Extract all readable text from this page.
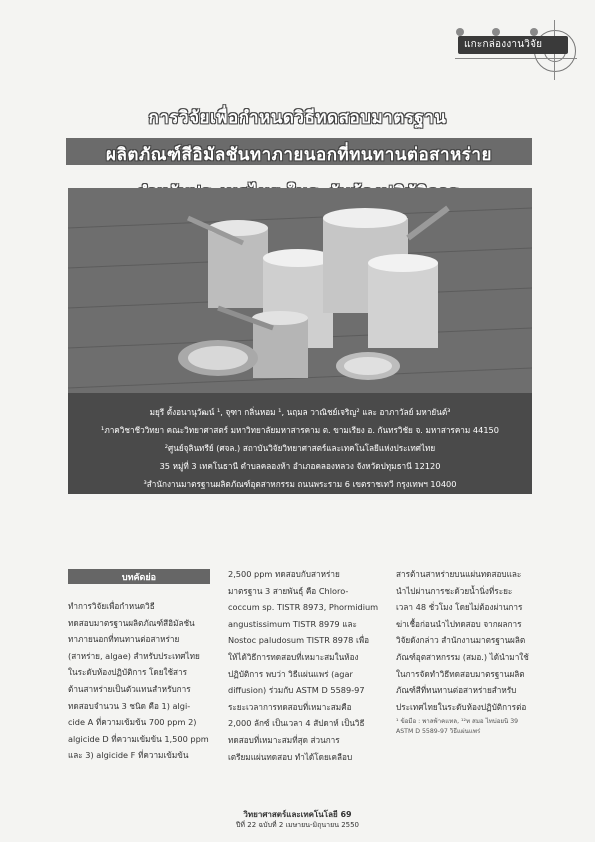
แกะกล่องงานวิจัย
การวิจัยเพื่อกำหนดวิธีทดสอบมาตรฐาน
ผลิตภัณฑ์สีอิมัลชันทาภายนอกที่ทนทานต่อสาหร่าย
มยุรี ตั้งอนานุวัฒน์ ¹, จุฑา กลิ่นหอม ¹, นฤมล วาณิชย์เจริญ² และ อาภาวัลย์ มหายันต์³
¹ภาควิชาชีววิทยา คณะวิทยาศาสตร์ มหาวิทยาลัยมหาสารคาม ต. ขามเรียง อ. กันทรวิชัย จ. มหาสารคาม 44150
²ศูนย์จุลินทรีย์ (ศจล.) สถาบันวิจัยวิทยาศาสตร์และเทคโนโลยีแห่งประเทศไทย
35 หมู่ที่ 3 เทคโนธานี ตำบลคลองห้า อำเภอคลองหลวง จังหวัดปทุมธานี 12120
³สำนักงานมาตรฐานผลิตภัณฑ์อุตสาหกรรม ถนนพระราม 6 เขตราชเทวี กรุงเทพฯ 10400
บทคัดย่อ

ทำการวิจัยเพื่อกำหนดวิธี

ทดสอบมาตรฐานผลิตภัณฑ์สีอิมัลชัน

ทาภายนอกที่ทนทานต่อสาหร่าย

(สาหร่าย, algae) สำหรับประเทศไทย

ในระดับห้องปฏิบัติการ โดยใช้สาร

ต้านสาหร่ายเป็นตัวแทนสำหรับการ

ทดสอบจำนวน 3 ชนิด คือ 1) algi-

cide A ที่ความเข้มข้น 700 ppm 2)

algicide D ที่ความเข้มข้น 1,500 ppm

และ 3) algicide F ที่ความเข้มข้น

2,500 ppm ทดสอบกับสาหร่าย

มาตรฐาน 3 สายพันธุ์ คือ Chloro-

coccum sp. TISTR 8973, Phormidium

angustissimum TISTR 8979 และ

Nostoc paludosum TISTR 8978 เพื่อ

ให้ได้วิธีการทดสอบที่เหมาะสมในห้อง

ปฏิบัติการ พบว่า วิธีแผ่นแพร่ (agar

diffusion) ร่วมกับ ASTM D 5589-97

ระยะเวลาการทดสอบที่เหมาะสมคือ

2,000 ลักซ์ เป็นเวลา 4 สัปดาห์ เป็นวิธี

ทดสอบที่เหมาะสมที่สุด ส่วนการ

เตรียมแผ่นทดสอบ ทำได้โดยเคลือบ

สารต้านสาหร่ายบนแผ่นทดสอบและ

นำไปผ่านการชะด้วยน้ำนิ่งที่ระยะ

เวลา 48 ชั่วโมง โดยไม่ต้องผ่านการ

ฆ่าเชื้อก่อนนำไปทดสอบ จากผลการ

วิจัยดังกล่าว สำนักงานมาตรฐานผลิต

ภัณฑ์อุตสาหกรรม (สมอ.) ได้นำมาใช้

ในการจัดทำวิธีทดสอบมาตรฐานผลิต

ภัณฑ์สีที่ทนทานต่อสาหร่ายสำหรับ

ประเทศไทยในระดับห้องปฏิบัติการต่อ

¹ ข้อมือ : พาลพ้าคแทล, ¹²ท สมอ ไทบ่อยนิ 39

ASTM D 5589-97 วิธีแผ่นแพร่

วิทยาศาสตร์และเทคโนโลยี 69
ปีที่ 22 ฉบับที่ 2 เมษายน-มิถุนายน 2550
